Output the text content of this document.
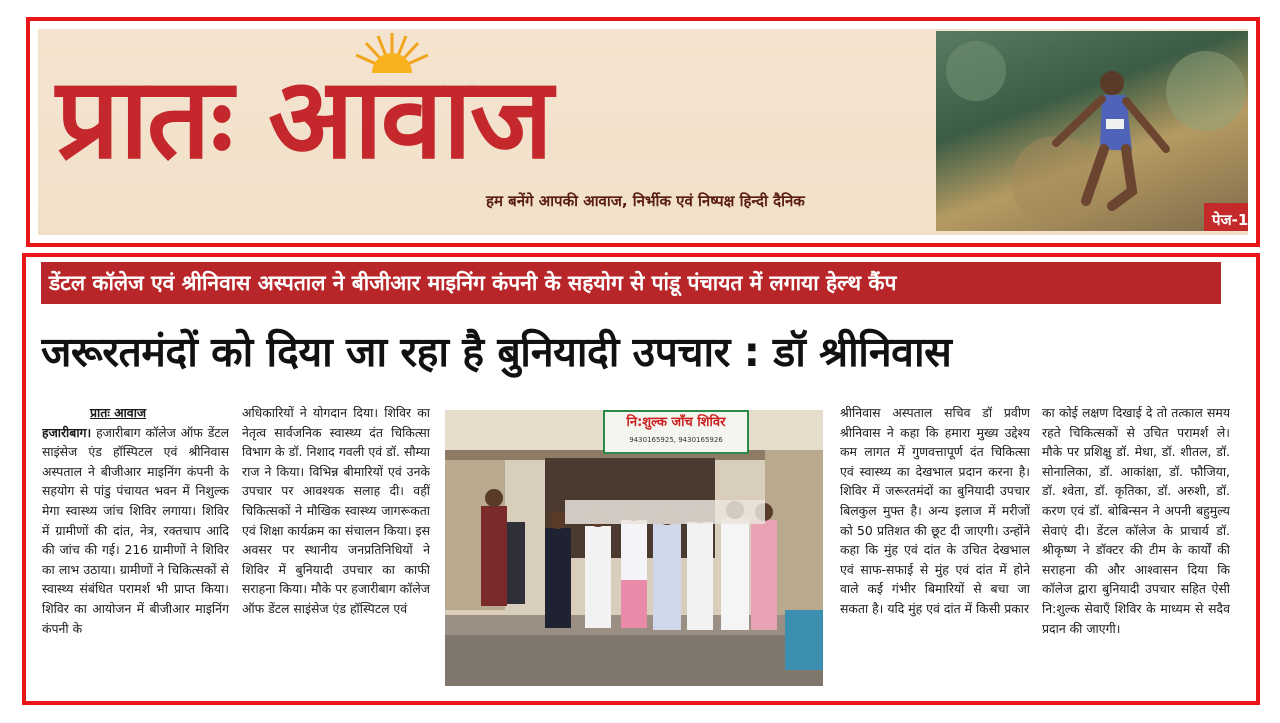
प्रातः आवाज
हम बनेंगे आपकी आवाज, निर्भीक एवं निष्पक्ष हिन्दी दैनिक
पेज-1
डेंटल कॉलेज एवं श्रीनिवास अस्पताल ने बीजीआर माइनिंग कंपनी के सहयोग से पांडू पंचायत में लगाया हेल्थ कैंप
जरूरतमंदों को दिया जा रहा है बुनियादी उपचार : डॉ श्रीनिवास
प्रातः आवाज
हजारीबाग। हजारीबाग कॉलेज ऑफ डेंटल साइंसेज एंड हॉस्पिटल एवं श्रीनिवास अस्पताल ने बीजीआर माइनिंग कंपनी के सहयोग से पांडु पंचायत भवन में निशुल्क मेगा स्वास्थ्य जांच शिविर लगाया। शिविर में ग्रामीणों की दांत, नेत्र, रक्तचाप आदि की जांच की गई। 216 ग्रामीणों ने शिविर का लाभ उठाया। ग्रामीणों ने चिकित्सकों से स्वास्थ्य संबंधित परामर्श भी प्राप्त किया। शिविर का आयोजन में बीजीआर माइनिंग कंपनी के
अधिकारियों ने योगदान दिया। शिविर का नेतृत्व सार्वजनिक स्वास्थ्य दंत चिकित्सा विभाग के डॉ. निशाद गवली एवं डॉ. सौम्या राज ने किया। विभिन्न बीमारियों एवं उनके उपचार पर आवश्यक सलाह दी। वहीं चिकित्सकों ने मौखिक स्वास्थ्य जागरूकता एवं शिक्षा कार्यक्रम का संचालन किया। इस अवसर पर स्थानीय जनप्रतिनिधियों ने शिविर में बुनियादी उपचार का काफी सराहना किया। मौके पर हजारीबाग कॉलेज ऑफ डेंटल साइंसेज एंड हॉस्पिटल एवं
नि:शुल्क जाँच शिविर
9430165925, 9430165926
श्रीनिवास अस्पताल सचिव डॉ प्रवीण श्रीनिवास ने कहा कि हमारा मुख्य उद्देश्य कम लागत में गुणवत्तापूर्ण दंत चिकित्सा एवं स्वास्थ्य का देखभाल प्रदान करना है। शिविर में जरूरतमंदों का बुनियादी उपचार बिलकुल मुफ्त है। अन्य इलाज में मरीजों को 50 प्रतिशत की छूट दी जाएगी। उन्होंने कहा कि मुंह एवं दांत के उचित देखभाल एवं साफ-सफाई से मुंह एवं दांत में होने वाले कई गंभीर बिमारियों से बचा जा सकता है। यदि मुंह एवं दांत में किसी प्रकार
का कोई लक्षण दिखाई दे तो तत्काल समय रहते चिकित्सकों से उचित परामर्श ले। मौके पर प्रशिक्षु डॉ. मेधा, डॉ. शीतल, डॉ. सोनालिका, डॉ. आकांक्षा, डॉ. फौजिया, डॉ. श्वेता, डॉ. कृतिका, डॉ. अरुशी, डॉ. करण एवं डॉ. बोबिन्सन ने अपनी बहुमुल्य सेवाएं दी। डेंटल कॉलेज के प्राचार्य डॉ. श्रीकृष्ण ने डॉक्टर की टीम के कार्यों की सराहना की और आश्वासन दिया कि कॉलेज द्वारा बुनियादी उपचार सहित ऐसी नि:शुल्क सेवाएँ शिविर के माध्यम से सदैव प्रदान की जाएगी।
